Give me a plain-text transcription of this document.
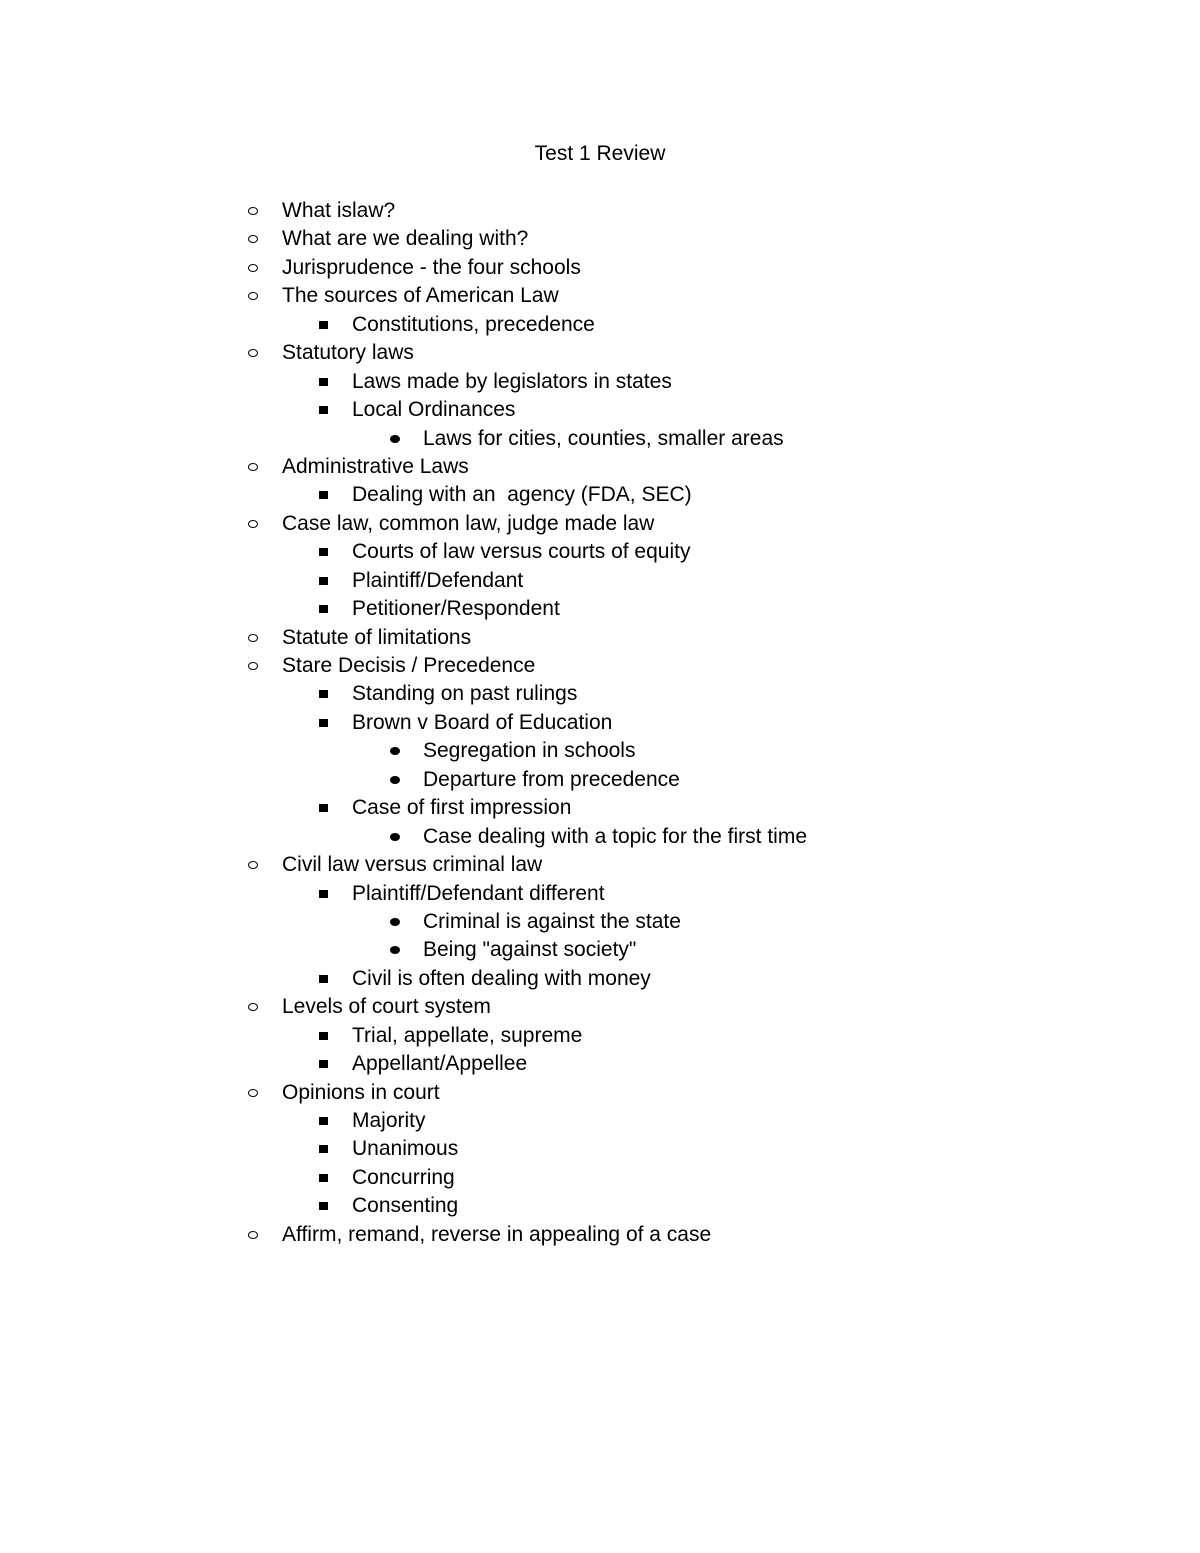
Test 1 Review
What islaw?
What are we dealing with?
Jurisprudence - the four schools
The sources of American Law
Constitutions, precedence
Statutory laws
Laws made by legislators in states
Local Ordinances
Laws for cities, counties, smaller areas
Administrative Laws
Dealing with an  agency (FDA, SEC)
Case law, common law, judge made law
Courts of law versus courts of equity
Plaintiff/Defendant
Petitioner/Respondent
Statute of limitations
Stare Decisis / Precedence
Standing on past rulings
Brown v Board of Education
Segregation in schools
Departure from precedence
Case of first impression
Case dealing with a topic for the first time
Civil law versus criminal law
Plaintiff/Defendant different
Criminal is against the state
Being "against society"
Civil is often dealing with money
Levels of court system
Trial, appellate, supreme
Appellant/Appellee
Opinions in court
Majority
Unanimous
Concurring
Consenting
Affirm, remand, reverse in appealing of a case
